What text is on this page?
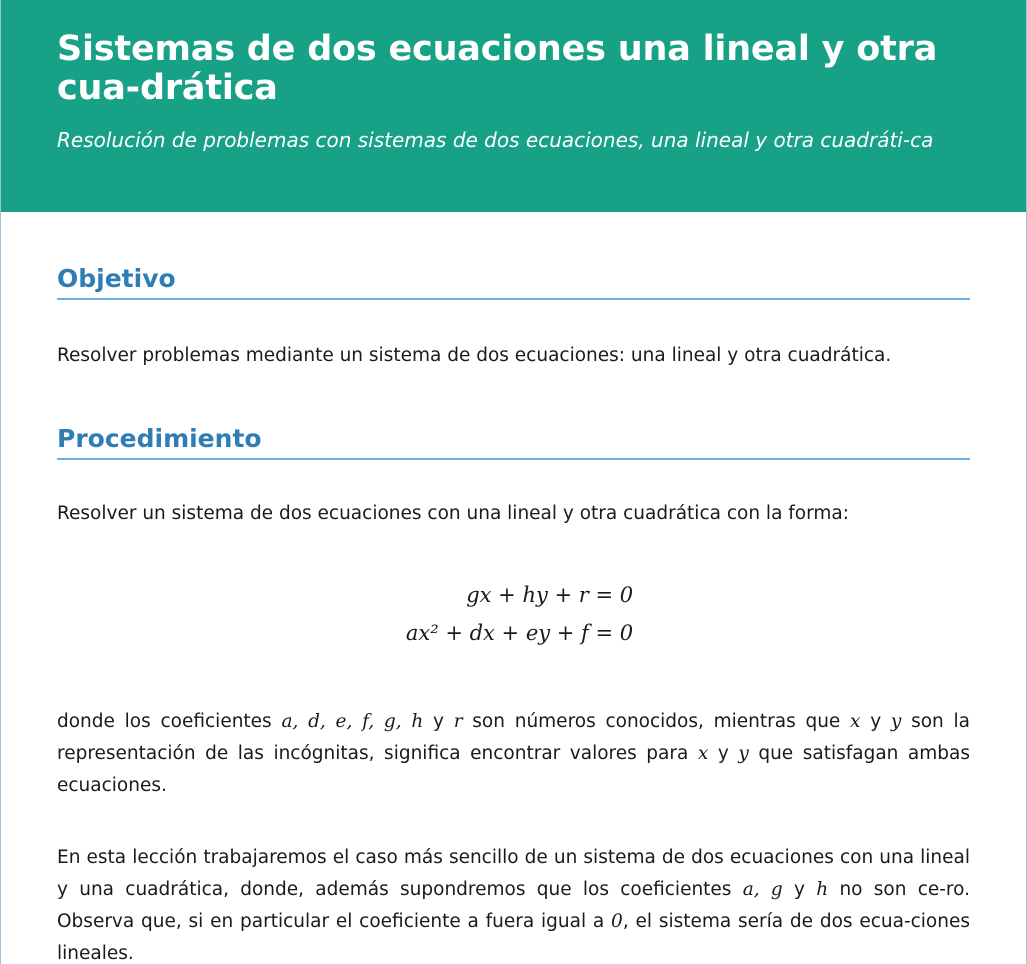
Sistemas de dos ecuaciones una lineal y otra cua-drática
Resolución de problemas con sistemas de dos ecuaciones, una lineal y otra cuadráti-ca
Objetivo

Resolver problemas mediante un sistema de dos ecuaciones: una lineal y otra cuadrática.

Procedimiento

Resolver un sistema de dos ecuaciones con una lineal y otra cuadrática con la forma:

gx + hy + r = 0
ax² + dx + ey + f = 0

donde los coeficientes a, d, e, f, g, h y r son números conocidos, mientras que x y y son la representación de las incógnitas, significa encontrar valores para x y y que satisfagan ambas ecuaciones.

En esta lección trabajaremos el caso más sencillo de un sistema de dos ecuaciones con una lineal y una cuadrática, donde, además supondremos que los coeficientes a, g y h no son ce-ro. Observa que, si en particular el coeficiente a fuera igual a 0, el sistema sería de dos ecua-ciones lineales.
